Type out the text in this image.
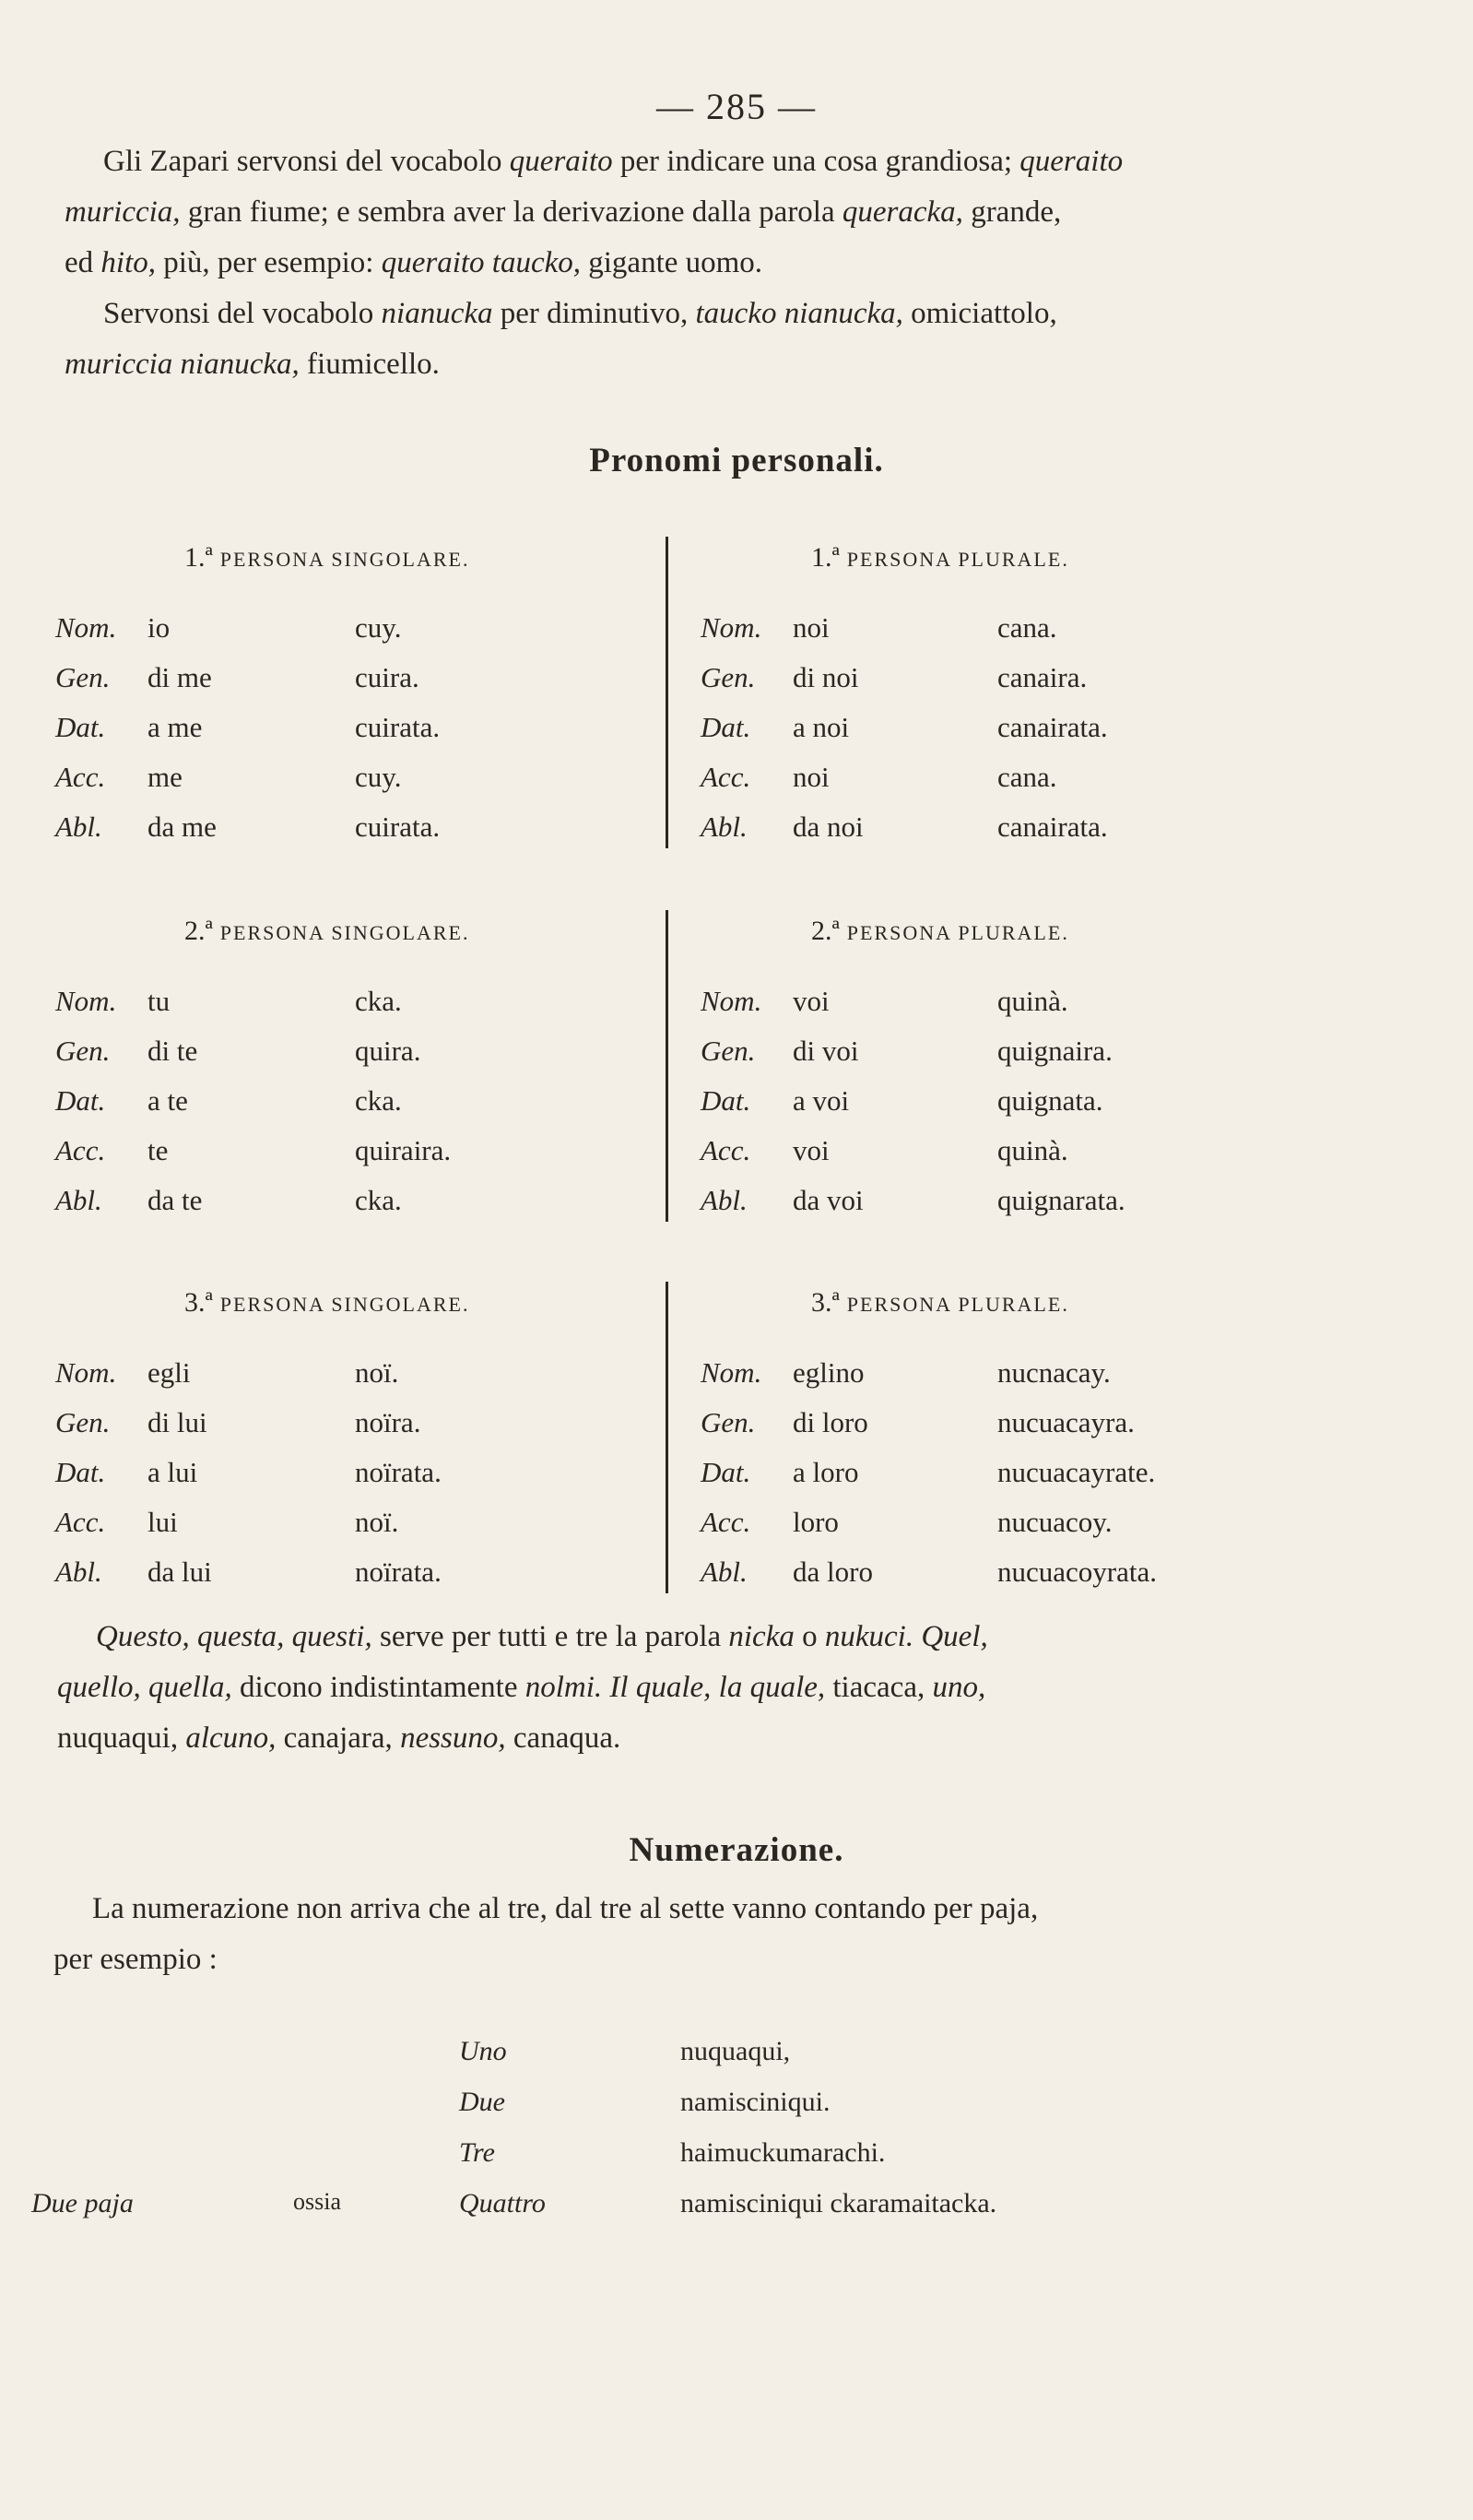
— 285 —
Gli Zapari servonsi del vocabolo queraito per indicare una cosa grandiosa; queraito
muriccia, gran fiume; e sembra aver la derivazione dalla parola queracka, grande,
ed hito, più, per esempio: queraito taucko, gigante uomo.
Servonsi del vocabolo nianucka per diminutivo, taucko nianucka, omiciattolo,
muriccia nianucka, fiumicello.
Pronomi personali.
1.ª PERSONA SINGOLARE.	1.ª PERSONA PLURALE.
Nom. io	cuy.
Gen. di me	cuira.
Dat. a me	cuirata.
Acc. me	cuy.
Abl. da me	cuirata.
Nom. noi	cana.
Gen. di noi	canaira.
Dat. a noi	canairata.
Acc. noi	cana.
Abl. da noi	canairata.
2.ª PERSONA SINGOLARE.	2.ª PERSONA PLURALE.
Nom. tu	cka.
Gen. di te	quira.
Dat. a te	cka.
Acc. te	quiraira.
Abl. da te	cka.
Nom. voi	quinà.
Gen. di voi	quignaira.
Dat. a voi	quignata.
Acc. voi	quinà.
Abl. da voi	quignarata.
3.ª PERSONA SINGOLARE.	3.ª PERSONA PLURALE.
Nom. egli	noï.
Gen. di lui	noïra.
Dat. a lui	noïrata.
Acc. lui	noï.
Abl. da lui	noïrata.
Nom. eglino	nucnacay.
Gen. di loro	nucuacayra.
Dat. a loro	nucuacayrate.
Acc. loro	nucuacoy.
Abl. da loro	nucuacoyrata.
Questo, questa, questi, serve per tutti e tre la parola nicka o nukuci. Quel,
quello, quella, dicono indistintamente nolmi. Il quale, la quale, tiacaca, uno,
nuquaqui, alcuno, canajara, nessuno, canaqua.
Numerazione.
La numerazione non arriva che al tre, dal tre al sette vanno contando per paja,
per esempio :
Uno	nuquaqui,
Due	namisciniqui.
Tre	haimuckumarachi.
Due paja	ossia	Quattro	namisciniqui ckaramaitacka.
